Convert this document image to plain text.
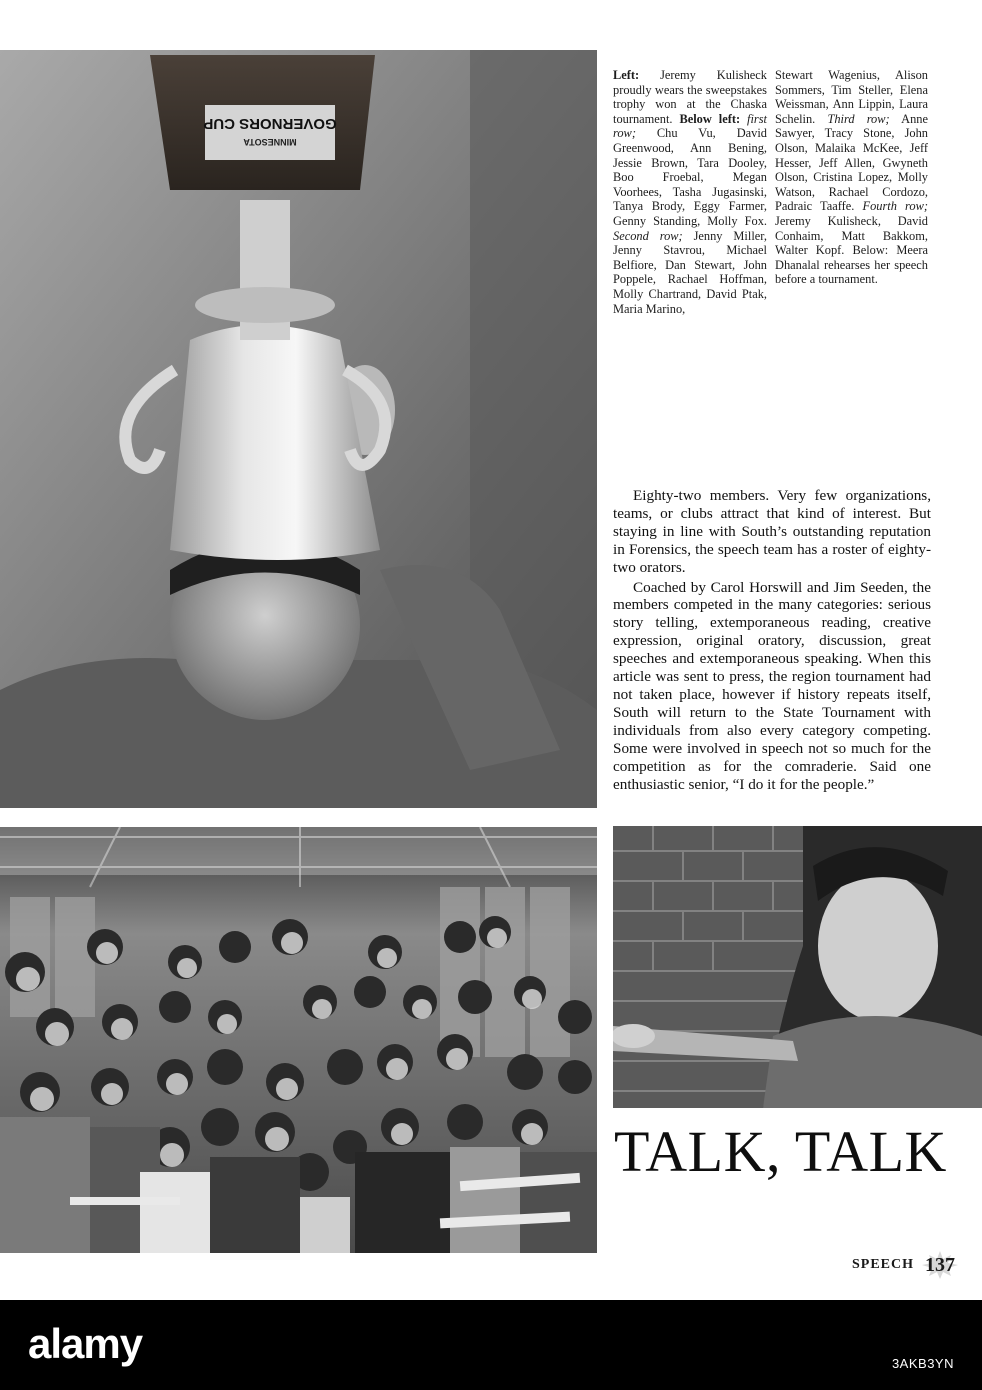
MINNESOTA
GOVERNORS CUP
Left: Jeremy Kulisheck proudly wears the sweepstakes trophy won at the Chaska tournament. Below left: first row; Chu Vu, David Greenwood, Ann Bening, Jessie Brown, Tara Dooley, Boo Froebal, Megan Voorhees, Tasha Jugasinski, Tanya Brody, Eggy Farmer, Genny Standing, Molly Fox. Second row; Jenny Miller, Jenny Stavrou, Michael Belfiore, Dan Stewart, John Poppele, Rachael Hoffman, Molly Chartrand, David Ptak, Maria Marino,
Stewart Wagenius, Alison Sommers, Tim Steller, Elena Weissman, Ann Lippin, Laura Schelin. Third row; Anne Sawyer, Tracy Stone, John Olson, Malaika McKee, Jeff Hesser, Jeff Allen, Gwyneth Olson, Cristina Lopez, Molly Watson, Rachael Cordozo, Padraic Taaffe. Fourth row; Jeremy Kulisheck, David Conhaim, Matt Bakkom, Walter Kopf. Below: Meera Dhanalal rehearses her speech before a tournament.

Eighty-two members. Very few organizations, teams, or clubs attract that kind of interest. But staying in line with South’s outstanding reputation in Forensics, the speech team has a roster of eighty-two orators.

Coached by Carol Horswill and Jim Seeden, the members competed in the many categories: serious story telling, extemporaneous reading, creative expression, original oratory, discussion, great speeches and extemporaneous speaking. When this article was sent to press, the region tournament had not taken place, however if history repeats itself, South will return to the State Tournament with individuals from also every category competing. Some were involved in speech not so much for the competition as for the comraderie. Said one enthusiastic senior, “I do it for the people.”

TALK, TALK
SPEECH 137
alamy	3AKB3YN
